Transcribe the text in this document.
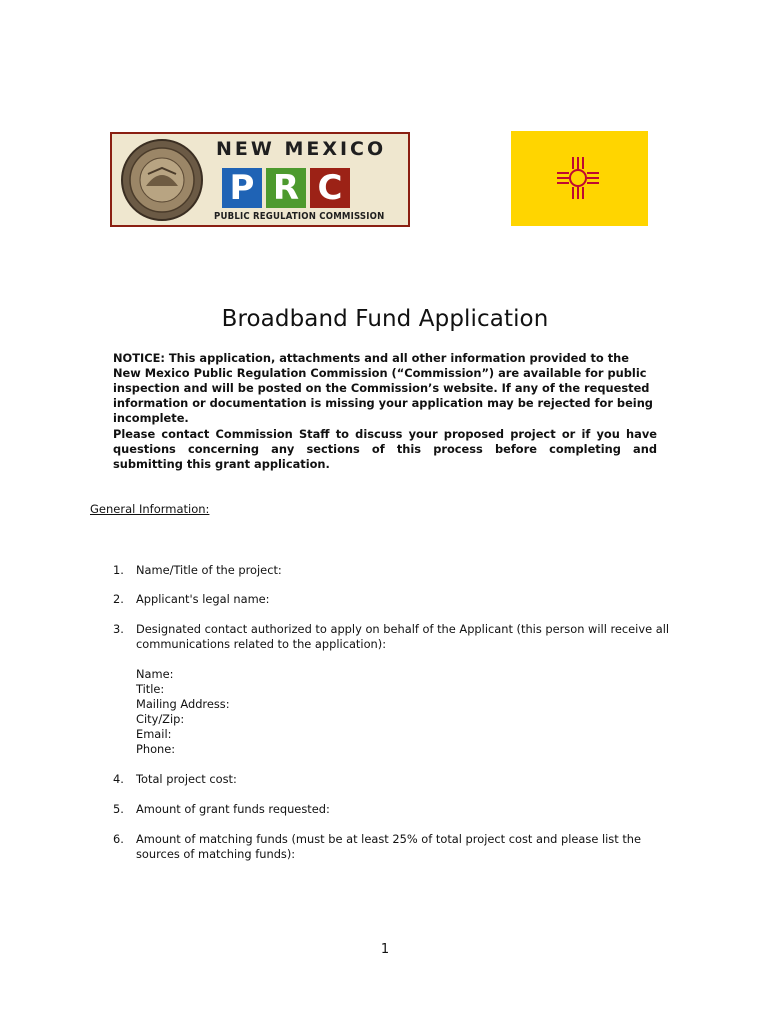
NEW MEXICO
P R C
PUBLIC REGULATION COMMISSION
Broadband Fund Application

NOTICE: This application, attachments and all other information provided to the New Mexico Public Regulation Commission (“Commission”) are available for public inspection and will be posted on the Commission’s website. If any of the requested information or documentation is missing your application may be rejected for being incomplete.

Please contact Commission Staff to discuss your proposed project or if you have questions concerning any sections of this process before completing and submitting this grant application.

General Information:
1. Name/Title of the project:
2. Applicant's legal name:
3. Designated contact authorized to apply on behalf of the Applicant (this person will receive all communications related to the application):
Name:
Title:
Mailing Address:
City/Zip:
Email:
Phone:
4. Total project cost:
5. Amount of grant funds requested:
6. Amount of matching funds (must be at least 25% of total project cost and please list the sources of matching funds):
1
